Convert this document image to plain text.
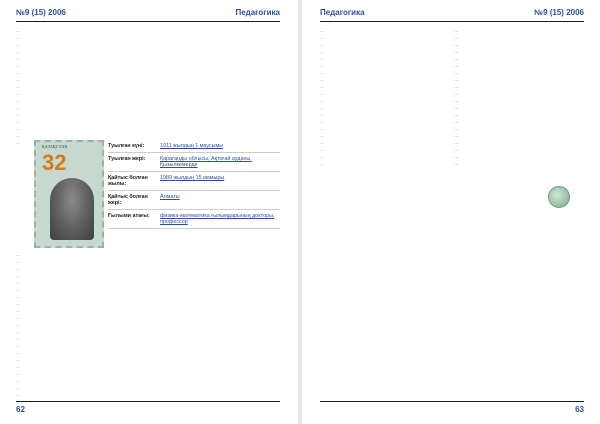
№9 (15) 2006	Педагогика
…
…
…
…
…
…
…
…
…
…
…
…
…
…
…
…
…
ҚАЗАҚСТАН
32
…
Туылған күні:	1911 жылдың 1 маусымы
Туылған жері:	Қарағанды облысы, Ақтоғай ауданы, Қызылкемерде
Қайтыс болған жылы:
1989 жылдың 15 мамыры
Қайтыс болған жері:
Алматы
Ғылыми атағы:	физика-математика ғылымдарының докторы, профессор
…
…
…
…
…
…
…
…
…
…
…
…
…
…
…
…
…
…
…
…
…
62
Педагогика	№9 (15) 2006
…
…
…
…
…
…
…
…
…
…
…
…
…
…
…
…
…
…
…
…
…
…
…
…
…
…
…
…
…
…
…
…
…
…
…
…
…
…
…
…
63
